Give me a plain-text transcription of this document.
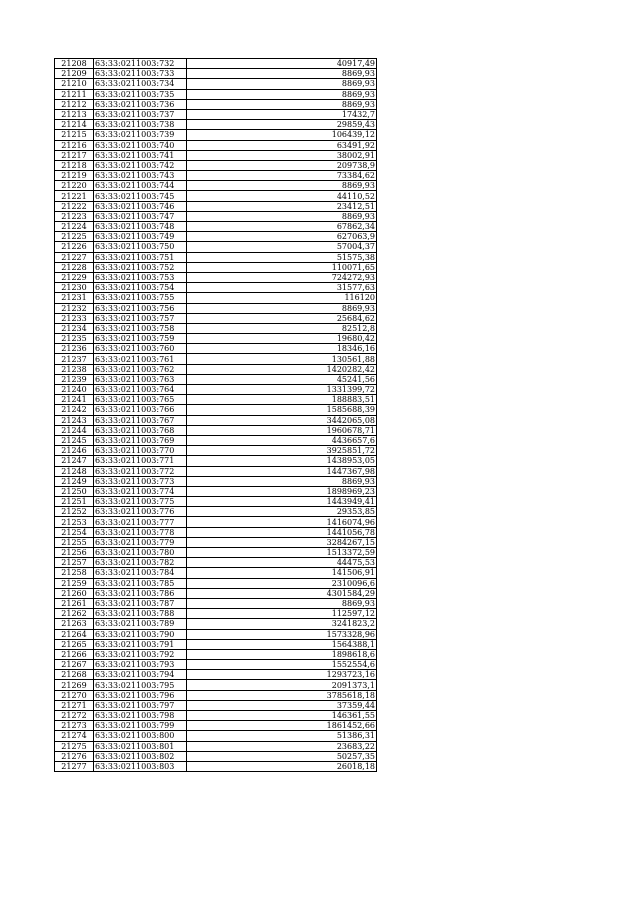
21208	63:33:0211003:732	40917,49
21209	63:33:0211003:733	8869,93
21210	63:33:0211003:734	8869,93
21211	63:33:0211003:735	8869,93
21212	63:33:0211003:736	8869,93
21213	63:33:0211003:737	17432,7
21214	63:33:0211003:738	29859,43
21215	63:33:0211003:739	106439,12
21216	63:33:0211003:740	63491,92
21217	63:33:0211003:741	38002,91
21218	63:33:0211003:742	209738,9
21219	63:33:0211003:743	73384,62
21220	63:33:0211003:744	8869,93
21221	63:33:0211003:745	44110,52
21222	63:33:0211003:746	23412,51
21223	63:33:0211003:747	8869,93
21224	63:33:0211003:748	67862,34
21225	63:33:0211003:749	627063,9
21226	63:33:0211003:750	57004,37
21227	63:33:0211003:751	51575,38
21228	63:33:0211003:752	110071,65
21229	63:33:0211003:753	724272,93
21230	63:33:0211003:754	31577,63
21231	63:33:0211003:755	116120
21232	63:33:0211003:756	8869,93
21233	63:33:0211003:757	25684,62
21234	63:33:0211003:758	82512,8
21235	63:33:0211003:759	19680,42
21236	63:33:0211003:760	18346,16
21237	63:33:0211003:761	130561,88
21238	63:33:0211003:762	1420282,42
21239	63:33:0211003:763	45241,56
21240	63:33:0211003:764	1331399,72
21241	63:33:0211003:765	188883,51
21242	63:33:0211003:766	1585688,39
21243	63:33:0211003:767	3442065,08
21244	63:33:0211003:768	1960678,71
21245	63:33:0211003:769	4436657,6
21246	63:33:0211003:770	3925851,72
21247	63:33:0211003:771	1438953,05
21248	63:33:0211003:772	1447367,98
21249	63:33:0211003:773	8869,93
21250	63:33:0211003:774	1898969,23
21251	63:33:0211003:775	1443949,41
21252	63:33:0211003:776	29353,85
21253	63:33:0211003:777	1416074,96
21254	63:33:0211003:778	1441056,78
21255	63:33:0211003:779	3284267,15
21256	63:33:0211003:780	1513372,59
21257	63:33:0211003:782	44475,53
21258	63:33:0211003:784	141506,91
21259	63:33:0211003:785	2310096,6
21260	63:33:0211003:786	4301584,29
21261	63:33:0211003:787	8869,93
21262	63:33:0211003:788	112597,12
21263	63:33:0211003:789	3241823,2
21264	63:33:0211003:790	1573328,96
21265	63:33:0211003:791	1564388,1
21266	63:33:0211003:792	1898618,6
21267	63:33:0211003:793	1552554,6
21268	63:33:0211003:794	1293723,16
21269	63:33:0211003:795	2091373,1
21270	63:33:0211003:796	3785618,18
21271	63:33:0211003:797	37359,44
21272	63:33:0211003:798	146361,55
21273	63:33:0211003:799	1861452,66
21274	63:33:0211003:800	51386,31
21275	63:33:0211003:801	23683,22
21276	63:33:0211003:802	50257,35
21277	63:33:0211003:803	26018,18
